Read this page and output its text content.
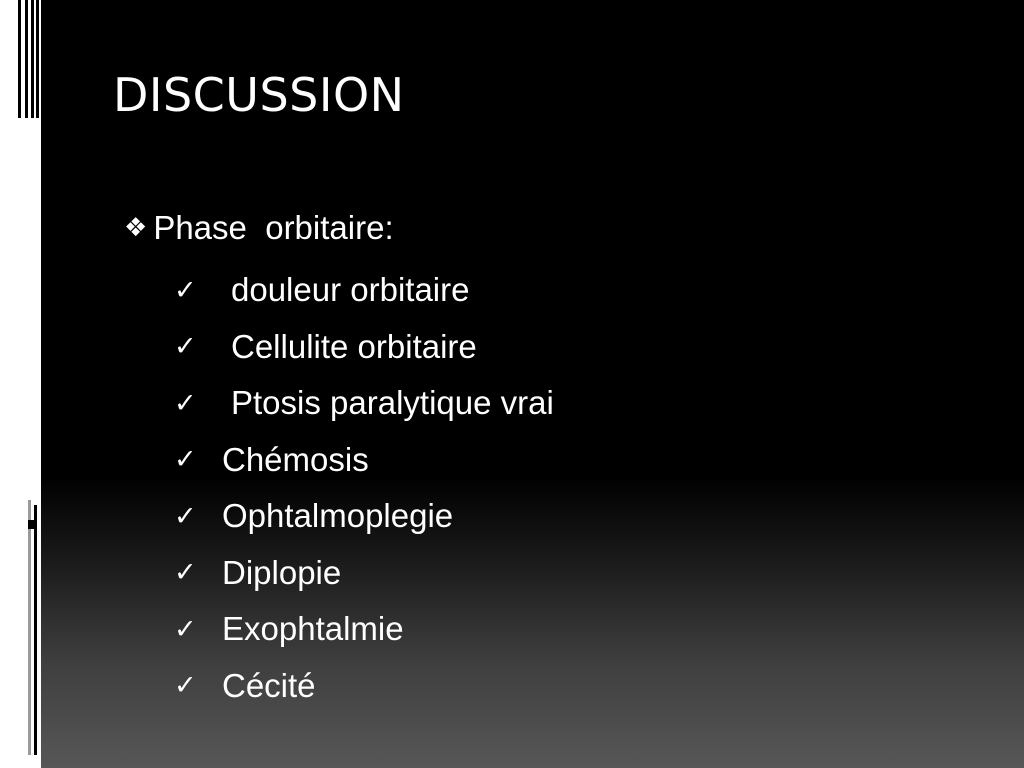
DISCUSSION
❖ Phase  orbitaire:
✓	douleur orbitaire
✓	Cellulite orbitaire
✓	Ptosis paralytique vrai
✓ Chémosis
✓ Ophtalmoplegie
✓ Diplopie
✓ Exophtalmie
✓ Cécité
